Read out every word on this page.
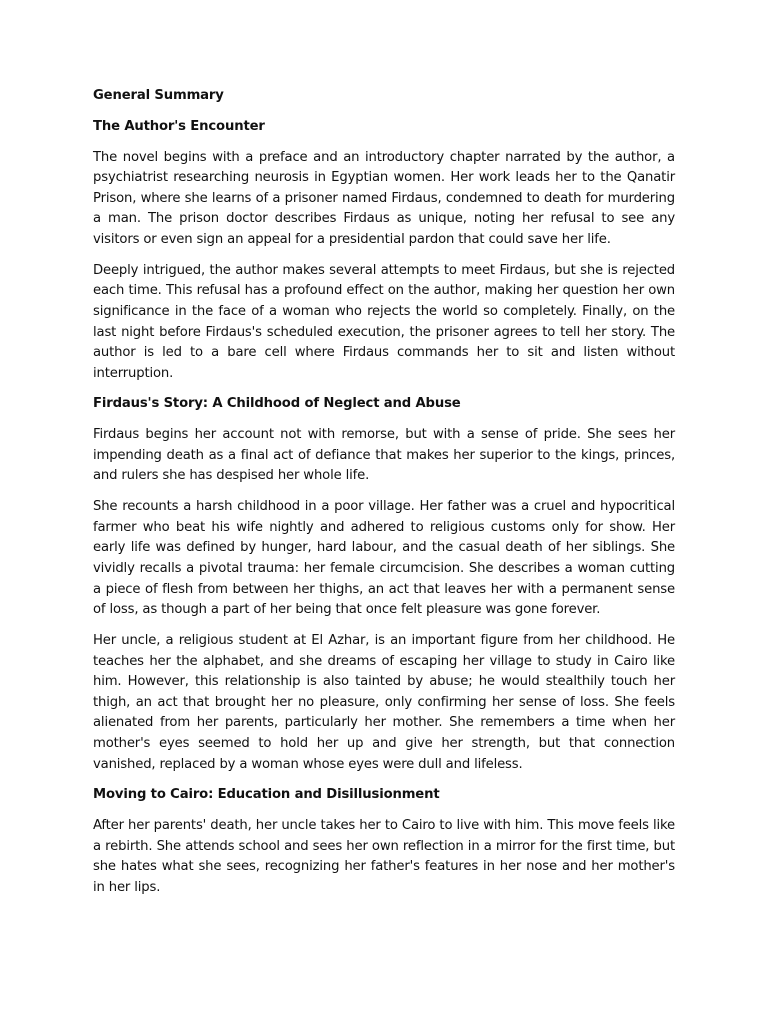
General Summary
The Author's Encounter

The novel begins with a preface and an introductory chapter narrated by the author, a psychiatrist researching neurosis in Egyptian women. Her work leads her to the Qanatir Prison, where she learns of a prisoner named Firdaus, condemned to death for murdering a man. The prison doctor describes Firdaus as unique, noting her refusal to see any visitors or even sign an appeal for a presidential pardon that could save her life.

Deeply intrigued, the author makes several attempts to meet Firdaus, but she is rejected each time. This refusal has a profound effect on the author, making her question her own significance in the face of a woman who rejects the world so completely. Finally, on the last night before Firdaus's scheduled execution, the prisoner agrees to tell her story. The author is led to a bare cell where Firdaus commands her to sit and listen without interruption.

Firdaus's Story: A Childhood of Neglect and Abuse

Firdaus begins her account not with remorse, but with a sense of pride. She sees her impending death as a final act of defiance that makes her superior to the kings, princes, and rulers she has despised her whole life.

She recounts a harsh childhood in a poor village. Her father was a cruel and hypocritical farmer who beat his wife nightly and adhered to religious customs only for show. Her early life was defined by hunger, hard labour, and the casual death of her siblings. She vividly recalls a pivotal trauma: her female circumcision. She describes a woman cutting a piece of flesh from between her thighs, an act that leaves her with a permanent sense of loss, as though a part of her being that once felt pleasure was gone forever.

Her uncle, a religious student at El Azhar, is an important figure from her childhood. He teaches her the alphabet, and she dreams of escaping her village to study in Cairo like him. However, this relationship is also tainted by abuse; he would stealthily touch her thigh, an act that brought her no pleasure, only confirming her sense of loss. She feels alienated from her parents, particularly her mother. She remembers a time when her mother's eyes seemed to hold her up and give her strength, but that connection vanished, replaced by a woman whose eyes were dull and lifeless.

Moving to Cairo: Education and Disillusionment

After her parents' death, her uncle takes her to Cairo to live with him. This move feels like a rebirth. She attends school and sees her own reflection in a mirror for the first time, but she hates what she sees, recognizing her father's features in her nose and her mother's in her lips.
